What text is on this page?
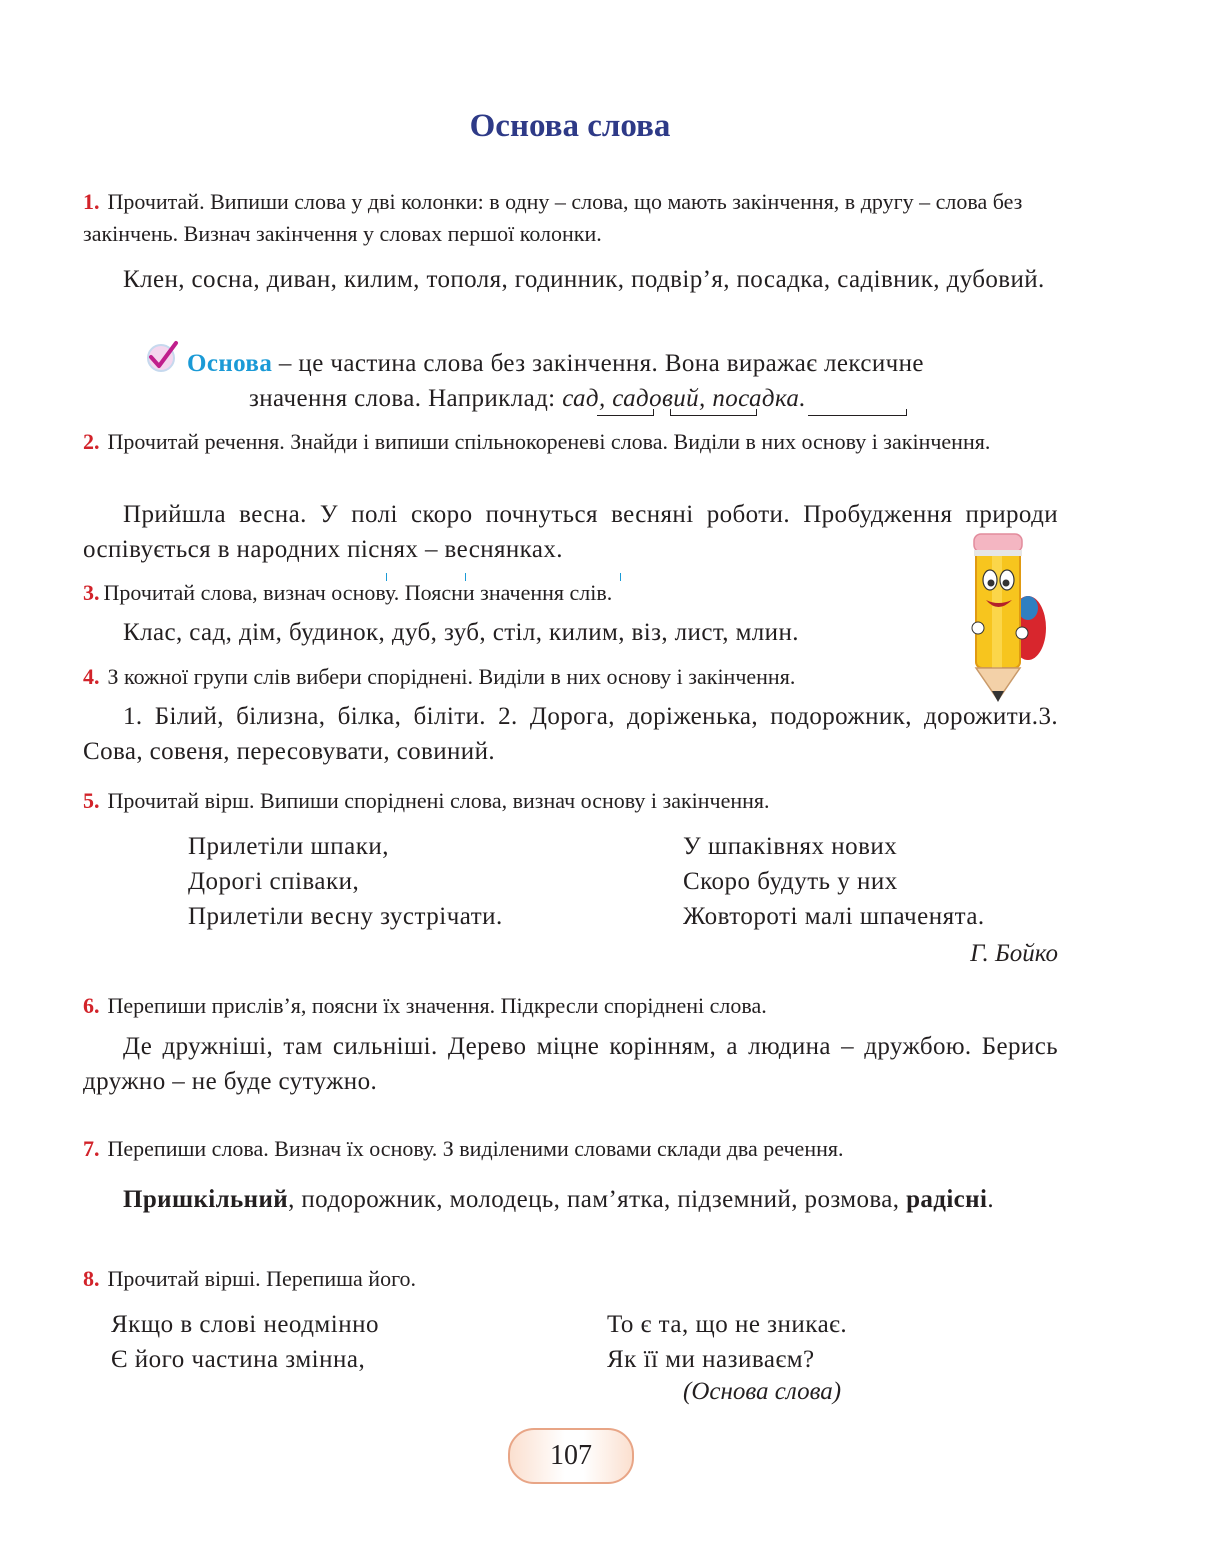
Основа слова
1. Прочитай. Випиши слова у дві колонки: в одну – слова, що мають закінчення, в другу – слова без закінчень. Визнач закінчення у словах першої колонки.
Клен, сосна, диван, килим, тополя, годинник, подвір’я, посадка, садівник, дубовий.
Основа – це частина слова без закінчення. Вона виражає лексичне
значення слова. Наприклад: сад, садовий, посадка.
2. Прочитай речення. Знайди і випиши спільнокореневі слова. Виділи в них основу і закінчення.
Прийшла весна. У полі скоро почнуться весняні роботи. Пробудження природи оспівується в народних піснях – веснянках.
3. Прочитай слова, визнач основу. Поясни значення слів.
Клас, сад, дім, будинок, дуб, зуб, стіл, килим, віз, лист, млин.
4. З кожної групи слів вибери споріднені. Виділи в них основу і закінчення.
1. Білий, білизна, білка, біліти. 2. Дорога, доріженька, подорожник, дорожити.3. Сова, совеня, пересовувати, совиний.
5. Прочитай вірш. Випиши споріднені слова, визнач основу і закінчення.
Прилетіли шпаки,
Дорогі співаки,
Прилетіли весну зустрічати.
У шпаківнях нових
Скоро будуть у них
Жовтороті малі шпаченята.
Г. Бойко
6. Перепиши прислів’я, поясни їх значення. Підкресли споріднені слова.
Де дружніші, там сильніші. Дерево міцне корінням, а людина – дружбою. Берись дружно – не буде сутужно.
7. Перепиши слова. Визнач їх основу. З виділеними словами склади два речення.
Пришкільний, подорожник, молодець, пам’ятка, підземний, розмова, радісні.
8. Прочитай вірші. Перепиша його.
Якщо в слові неодмінно
Є його частина змінна,
То є та, що не зникає.
Як її ми називаєм?
(Основа слова)
107
